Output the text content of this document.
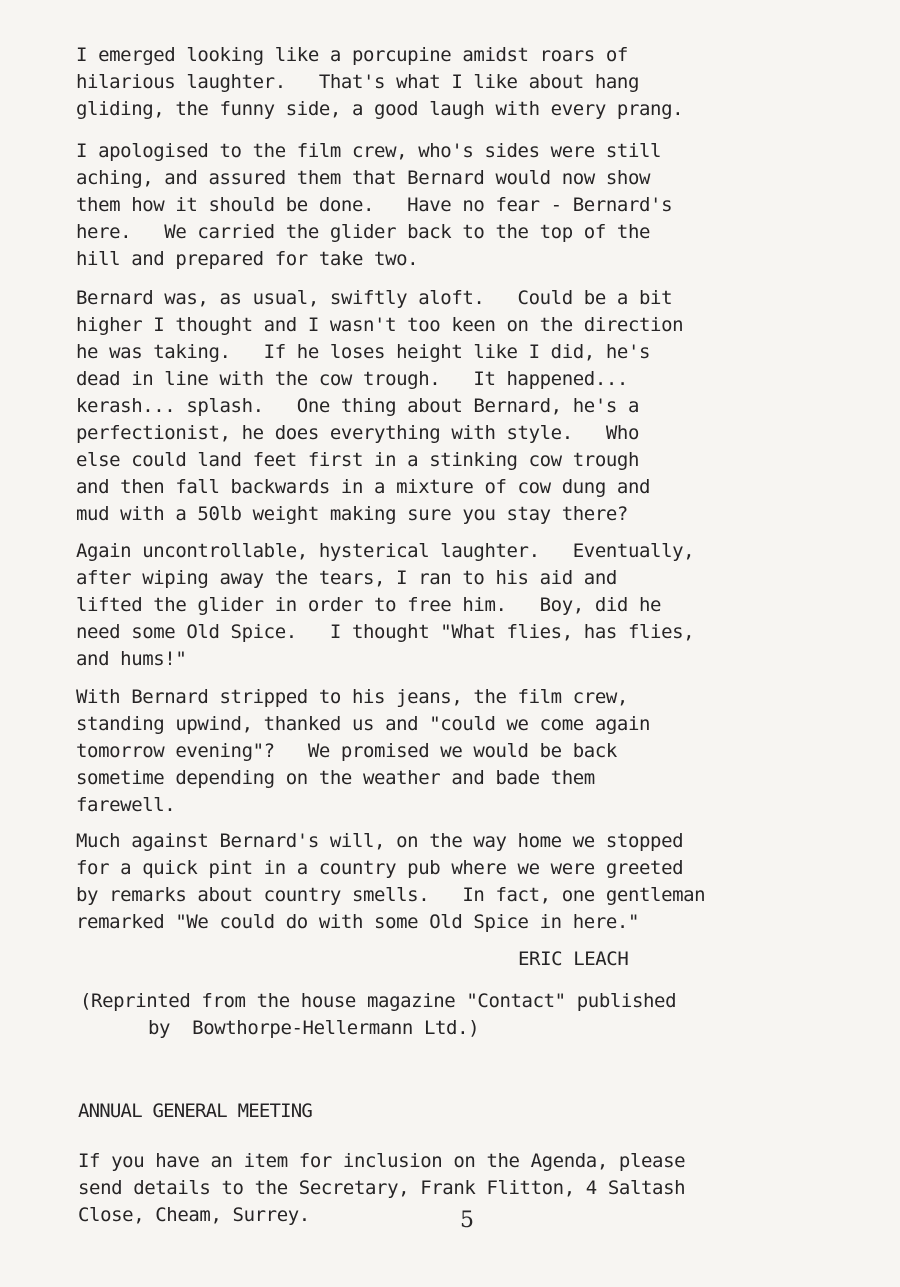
I emerged looking like a porcupine amidst roars of
hilarious laughter.   That's what I like about hang
gliding, the funny side, a good laugh with every prang.
I apologised to the film crew, who's sides were still
aching, and assured them that Bernard would now show
them how it should be done.   Have no fear - Bernard's
here.   We carried the glider back to the top of the
hill and prepared for take two.
Bernard was, as usual, swiftly aloft.   Could be a bit
higher I thought and I wasn't too keen on the direction
he was taking.   If he loses height like I did, he's
dead in line with the cow trough.   It happened...
kerash... splash.   One thing about Bernard, he's a
perfectionist, he does everything with style.   Who
else could land feet first in a stinking cow trough
and then fall backwards in a mixture of cow dung and
mud with a 50lb weight making sure you stay there?
Again uncontrollable, hysterical laughter.   Eventually,
after wiping away the tears, I ran to his aid and
lifted the glider in order to free him.   Boy, did he
need some Old Spice.   I thought "What flies, has flies,
and hums!"
With Bernard stripped to his jeans, the film crew,
standing upwind, thanked us and "could we come again
tomorrow evening"?   We promised we would be back
sometime depending on the weather and bade them
farewell.
Much against Bernard's will, on the way home we stopped
for a quick pint in a country pub where we were greeted
by remarks about country smells.   In fact, one gentleman
remarked "We could do with some Old Spice in here."
ERIC LEACH
(Reprinted from the house magazine "Contact" published
by  Bowthorpe-Hellermann Ltd.)
ANNUAL GENERAL MEETING
If you have an item for inclusion on the Agenda, please
send details to the Secretary, Frank Flitton, 4 Saltash
Close, Cheam, Surrey.	5
